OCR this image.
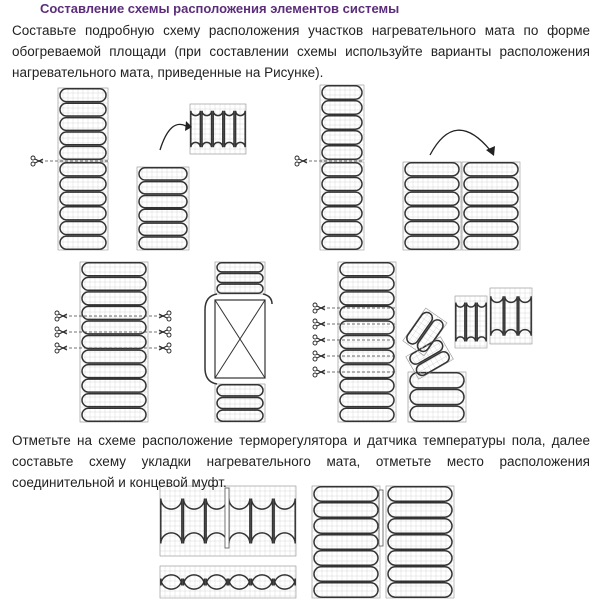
Составление схемы расположения элементов системы
Составьте подробную схему расположения участков нагревательного мата по форме обогреваемой площади (при составлении схемы используйте варианты расположения нагревательного мата, приведенные на Рисунке).
Отметьте на схеме расположение терморегулятора и датчика температуры пола, далее составьте схему укладки нагревательного мата, отметьте место расположения соединительной и концевой муфт.
